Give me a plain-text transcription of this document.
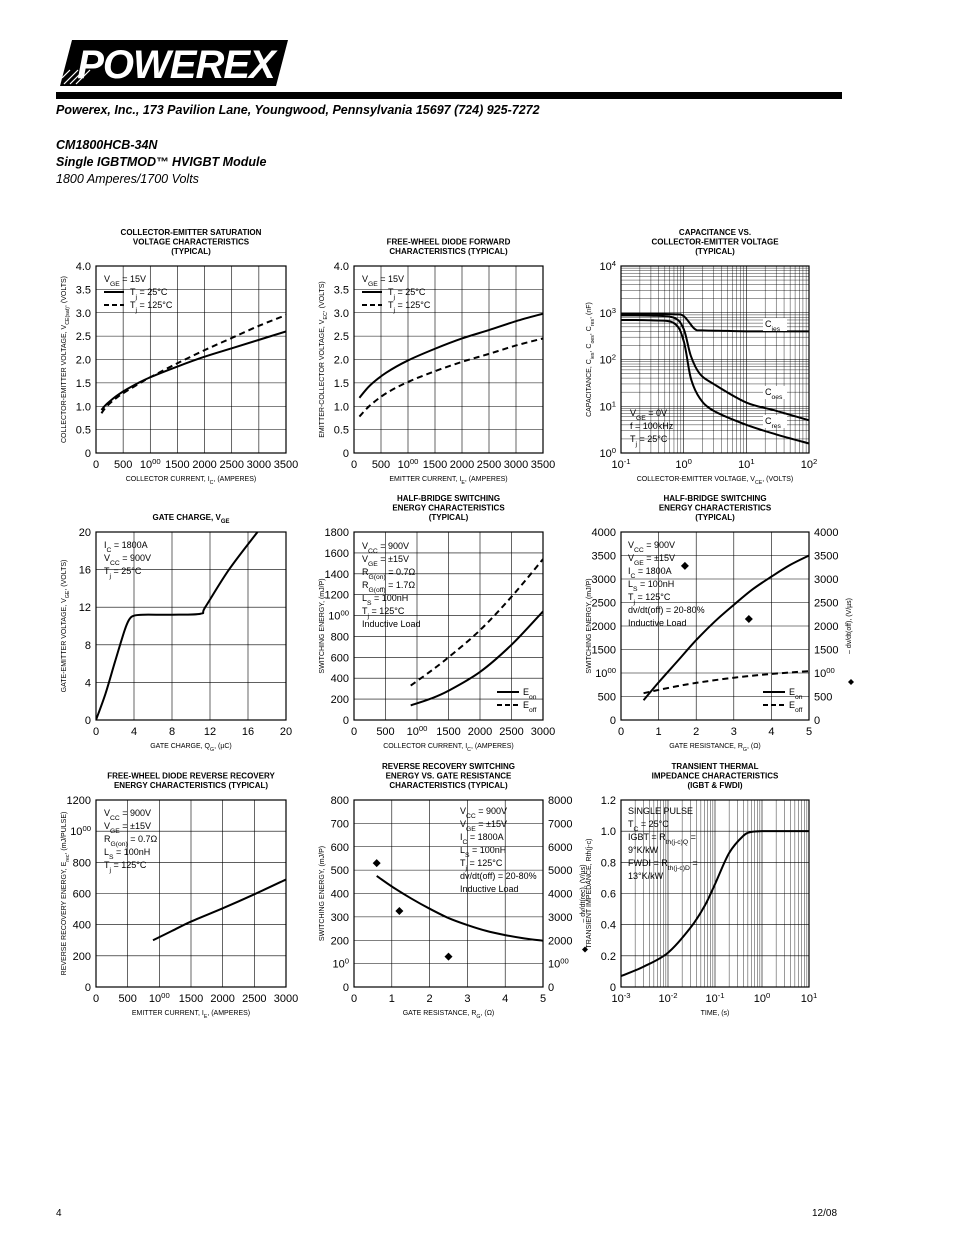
POWEREX
Powerex, Inc., 173 Pavilion Lane, Youngwood, Pennsylvania 15697 (724) 925-7272
CM1800HCB-34N
Single IGBTMOD™ HVIGBT Module
1800 Amperes/1700 Volts
4	12/08
0 500 $10^{00}$ 1500 2000 2500 3000 3500
0
0.5
1.0
1.5
2.0
2.5
3.0
3.5
4.0
COLLECTOR-EMITTER SATURATION
VOLTAGE CHARACTERISTICS
(TYPICAL)
COLLECTOR CURRENT, $I_C$, (AMPERES)
COLLECTOR-EMITTER VOLTAGE, $V_{CE(sat)}$, (VOLTS)	$V_{GE} = 15V$
$T_j = 25^\circ C$
$T_j = 125^\circ C$
0 500 $10^{00}$ 1500 2000 2500 3000 3500
0
0.5
1.0
1.5
2.0
2.5
3.0
3.5
4.0
FREE-WHEEL DIODE FORWARD
CHARACTERISTICS (TYPICAL)
EMITTER CURRENT, $I_E$, (AMPERES)
EMITTER-COLLECTOR VOLTAGE, $V_{EC}$, (VOLTS)
$V_{GE} = 15V$
$T_j = 25^\circ C$
$T_j = 125^\circ C$
$10^{-1}$	$10^0$	$10^1$	$10^2$
$10^0$
$10^1$
$10^2$
$10^3$
$10^4$
CAPACITANCE VS.
COLLECTOR-EMITTER VOLTAGE
(TYPICAL)
COLLECTOR-EMITTER VOLTAGE, $V_{CE}$, (VOLTS)
CAPACITANCE, $C_{ies}$, $C_{oes}$, $C_{res}$, (nF)
$V_{GE} = 0V$
f = 100kHz
$T_j = 25^\circ C$
$C_{ies}$
$C_{oes}$
$C_{res}$
0	4	8	12 16 20
0
4
8
12
16
20
GATE CHARGE, $V_{GE}$
GATE CHARGE, $Q_G$, (µC)
GATE-EMITTER VOLTAGE, $V_{GE}$, (VOLTS)
$I_C = 1800A$
$V_{CC} = 900V$
$T_j = 25^\circ C$
0 500 $10^{00}$ 1500 2000 2500 3000
0
200
400
600
800
$10^{00}$
1200
1400
1600
1800
HALF-BRIDGE SWITCHING
ENERGY CHARACTERISTICS
(TYPICAL)
COLLECTOR CURRENT, $I_C$, (AMPERES)
SWITCHING ENERGY, (mJ/P)
$V_{CC} = 900V$
$V_{GE} = \pm 15V$
$R_{G(on)} = 0.7\Omega$
$R_{G(off)} = 1.7\Omega$
$L_S = 100nH$
$T_j = 125^\circ C$
Inductive Load
$E_{on}$
$E_{off}$
0	1	2	3	4	5
0
500
$10^{00}$
1500
2000
2500
3000
3500
4000
0
500
$10^{00}$
1500
2000
2500
3000
3500
4000
– dv/dt(off), (V/µs)
HALF-BRIDGE SWITCHING
ENERGY CHARACTERISTICS
(TYPICAL)
GATE RESISTANCE, $R_G$, (Ω)
SWITCHING ENERGY, (mJ/P)
$V_{CC} = 900V$
$V_{GE} = \pm 15V$
$I_C = 1800A$
$L_S = 100nH$
$T_j = 125^\circ C$
dv/dt(off) = 20-80%
Inductive Load
$E_{on}$
$E_{off}$
0 500 $10^{00}$ 1500 2000 2500 3000
0
200
400
600
800
$10^{00}$
1200
FREE-WHEEL DIODE REVERSE RECOVERY
ENERGY CHARACTERISTICS (TYPICAL)
EMITTER CURRENT, $I_E$, (AMPERES)
REVERSE RECOVERY ENERGY, $E_{rec}$, (mJ/PULSE)	$V_{CC} = 900V$
$V_{GE} = \pm 15V$
$R_{G(on)} = 0.7\Omega$
$L_S = 100nH$
$T_j = 125^\circ C$
0	1	2	3	4	5
0
$10^0$
200
300
400
500
600
700
800
0
$10^{00}$
2000
3000
4000
5000
6000
7000
8000
– dv/dt(rec), (V/µs)
REVERSE RECOVERY SWITCHING
ENERGY VS. GATE RESISTANCE
CHARACTERISTICS (TYPICAL)
GATE RESISTANCE, $R_G$, (Ω)
SWITCHING ENERGY, (mJ/P)
$V_{CC} = 900V$
$V_{GE} = \pm 15V$
$I_C = 1800A$
$L_S = 100nH$
$T_j = 125^\circ C$
dv/dt(off) = 20-80%
Inductive Load
$10^{-3}$	$10^{-2}$	$10^{-1}$	$10^0$	$10^1$
0
0.2
0.4
0.6
0.8
1.0
1.2
TRANSIENT THERMAL
IMPEDANCE CHARACTERISTICS
(IGBT & FWDI)
TIME, (s)
TRANSIENT IMPEDANCE, Rth(j-c)
SINGLE PULSE
$T_C = 25^\circ C$
IGBT = $R_{th(j-c)Q}$ =
9°K/kW
FWDI = $R_{th(j-c)D}$ =
13°K/kW
